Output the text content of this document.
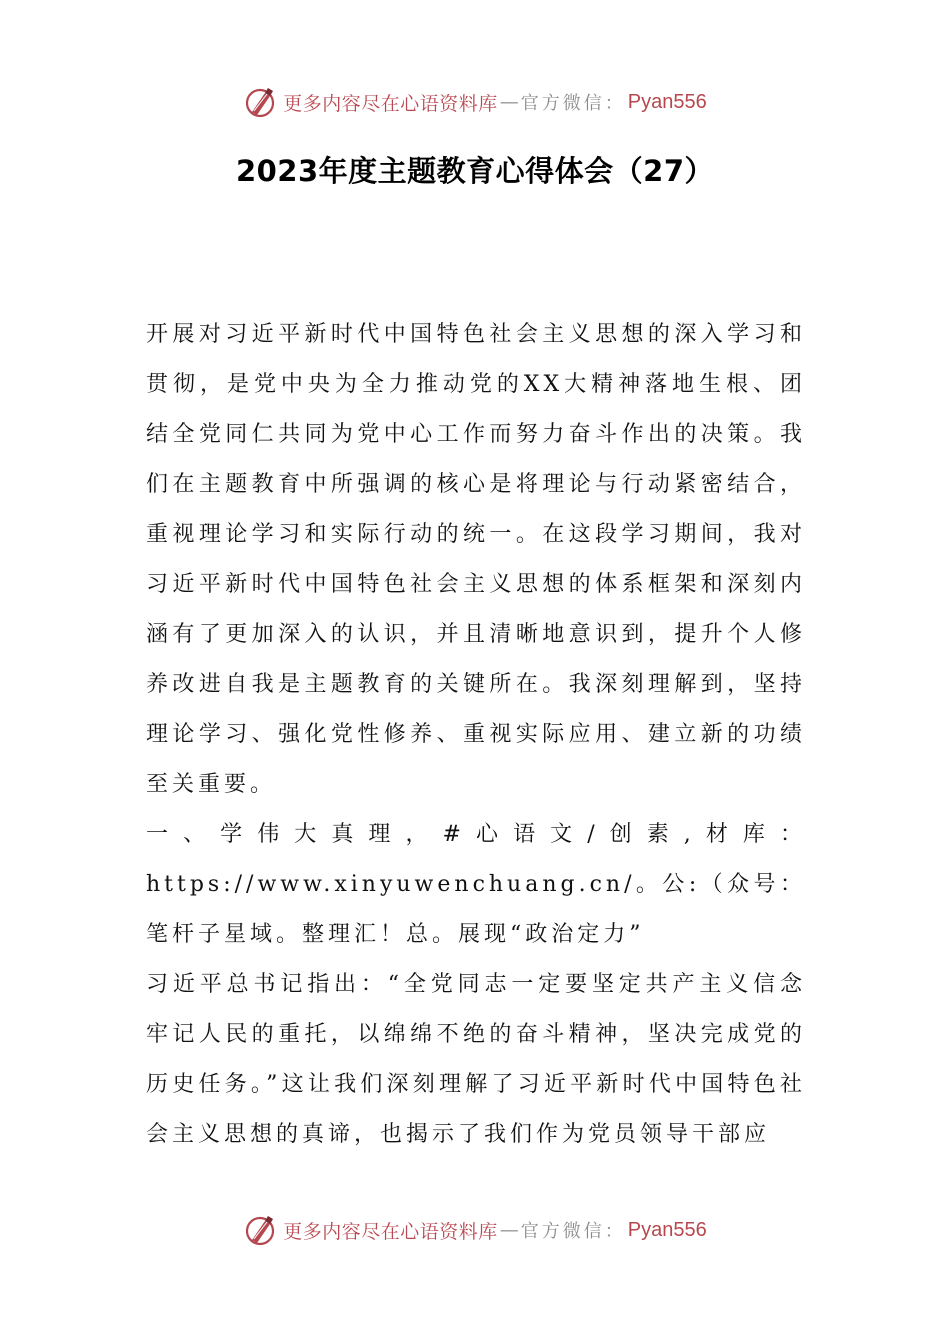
更多内容尽在心语资料库 — 官方微信： Pyan556
2023年度主题教育心得体会（27）

开展对习近平新时代中国特色社会主义思想的深入学习和贯彻，是党中央为全力推动党的XX大精神落地生根、团结全党同仁共同为党中心工作而努力奋斗作出的决策。我们在主题教育中所强调的核心是将理论与行动紧密结合，重视理论学习和实际行动的统一。在这段学习期间，我对习近平新时代中国特色社会主义思想的体系框架和深刻内涵有了更加深入的认识，并且清晰地意识到，提升个人修养改进自我是主题教育的关键所在。我深刻理解到，坚持理论学习、强化党性修养、重视实际应用、建立新的功绩至关重要。

一、学伟大真理，#心语文/创素,材库：https://www.xinyuwenchuang.cn/。公:（众号：笔杆子星域。整理汇！总。展现“政治定力”

习近平总书记指出：“全党同志一定要坚定共产主义信念牢记人民的重托，以绵绵不绝的奋斗精神，坚决完成党的历史任务。”这让我们深刻理解了习近平新时代中国特色社会主义思想的真谛，也揭示了我们作为党员领导干部应

更多内容尽在心语资料库 — 官方微信： Pyan556
